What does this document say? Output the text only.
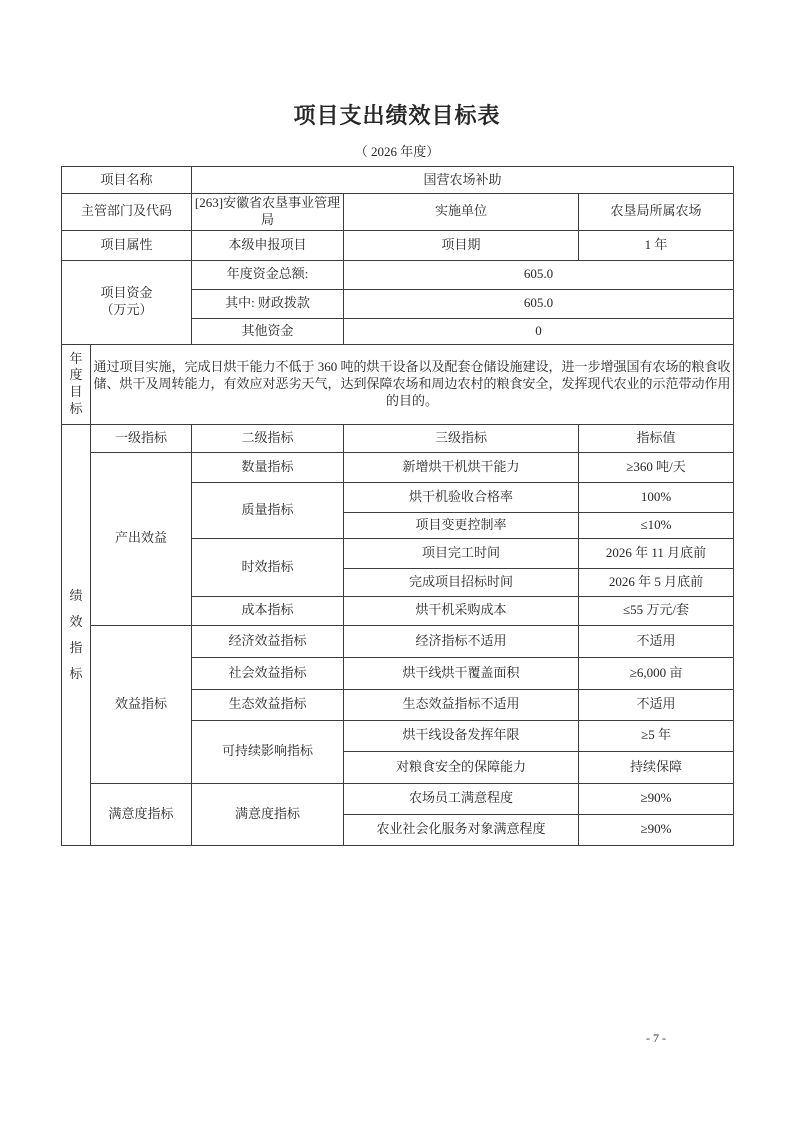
项目支出绩效目标表
（ 2026 年度）
项目名称		国营农场补助		
主管部门及代码		[263]安徽省农垦事业管理局	实施单位	农垦局所属农场
项目属性		本级申报项目	项目期	1 年

项目资金
（万元）		年度资金总额:	605.0	
		其中: 财政拨款	605.0	
		其他资金	0	

年度
目标	通过项目实施，完成日烘干能力不低于 360 吨的烘干设备以及配套仓储设施建设，进一步增强国有农场的粮食收储、烘干及周转能力，有效应对恶劣天气，达到保障农场和周边农村的粮食安全，发挥现代农业的示范带动作用的目的。			

绩效指标	一级指标	二级指标	三级指标	指标值
	产出效益	数量指标	新增烘干机烘干能力	≥360 吨/天
		质量指标	烘干机验收合格率	100%
			项目变更控制率	≤10%
		时效指标	项目完工时间	2026 年 11 月底前
			完成项目招标时间	2026 年 5 月底前
		成本指标	烘干机采购成本	≤55 万元/套
	效益指标	经济效益指标	经济指标不适用	不适用
		社会效益指标	烘干线烘干覆盖面积	≥6,000 亩
		生态效益指标	生态效益指标不适用	不适用
		可持续影响指标	烘干线设备发挥年限	≥5 年
			对粮食安全的保障能力	持续保障
	满意度指标	满意度指标	农场员工满意程度	≥90%
			农业社会化服务对象满意程度	≥90%
- 7 -
